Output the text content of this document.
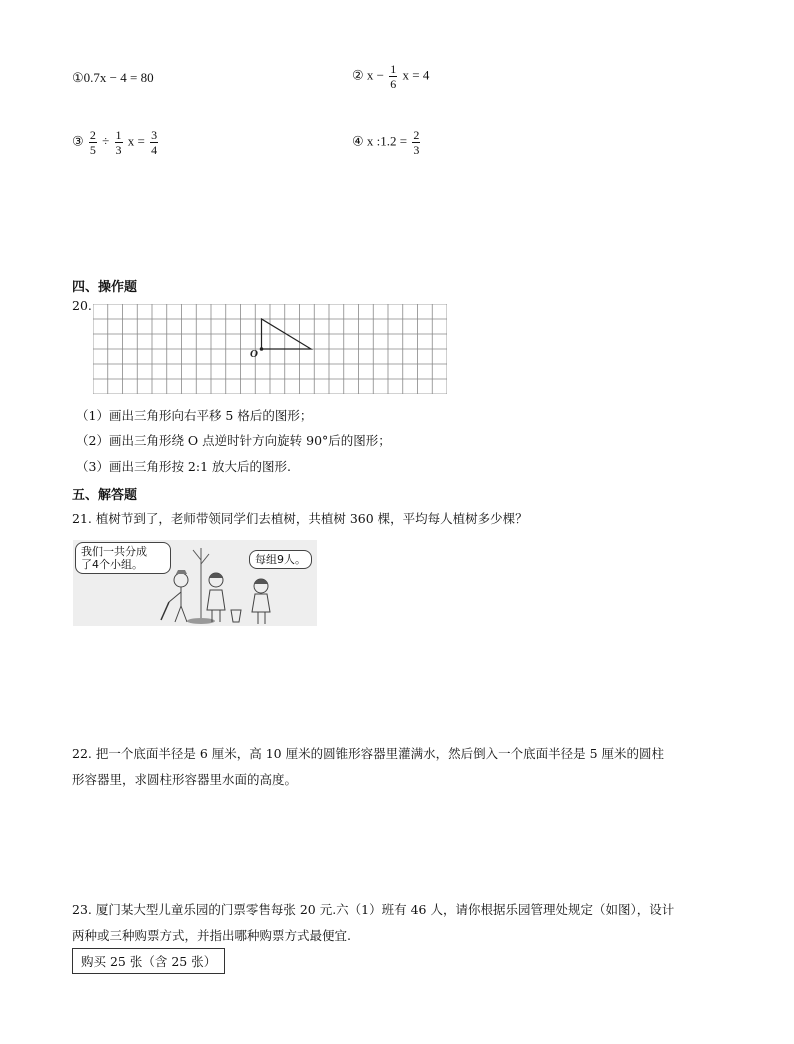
①0.7x − 4 = 80	② $x - \frac{1}{6}$ x = 4
③ $\frac{2}{5} \div \frac{1}{3}$ $x = \frac{3}{4}$	④ x :1.2 = $\frac{2}{3}$
四、操作题
20.
O
（1）画出三角形向右平移 5 格后的图形；
（2）画出三角形绕 O 点逆时针方向旋转 90°后的图形；
（3）画出三角形按 2:1 放大后的图形.
五、解答题
21. 植树节到了，老师带领同学们去植树，共植树 360 棵，平均每人植树多少棵？
我们一共分成
了4个小组。	每组9人。
22. 把一个底面半径是 6 厘米，高 10 厘米的圆锥形容器里灌满水，然后倒入一个底面半径是 5 厘米的圆柱
形容器里，求圆柱形容器里水面的高度。
23. 厦门某大型儿童乐园的门票零售每张 20 元.六（1）班有 46 人，请你根据乐园管理处规定（如图），设计
两种或三种购票方式，并指出哪种购票方式最便宜.
购买 25 张（含 25 张）
